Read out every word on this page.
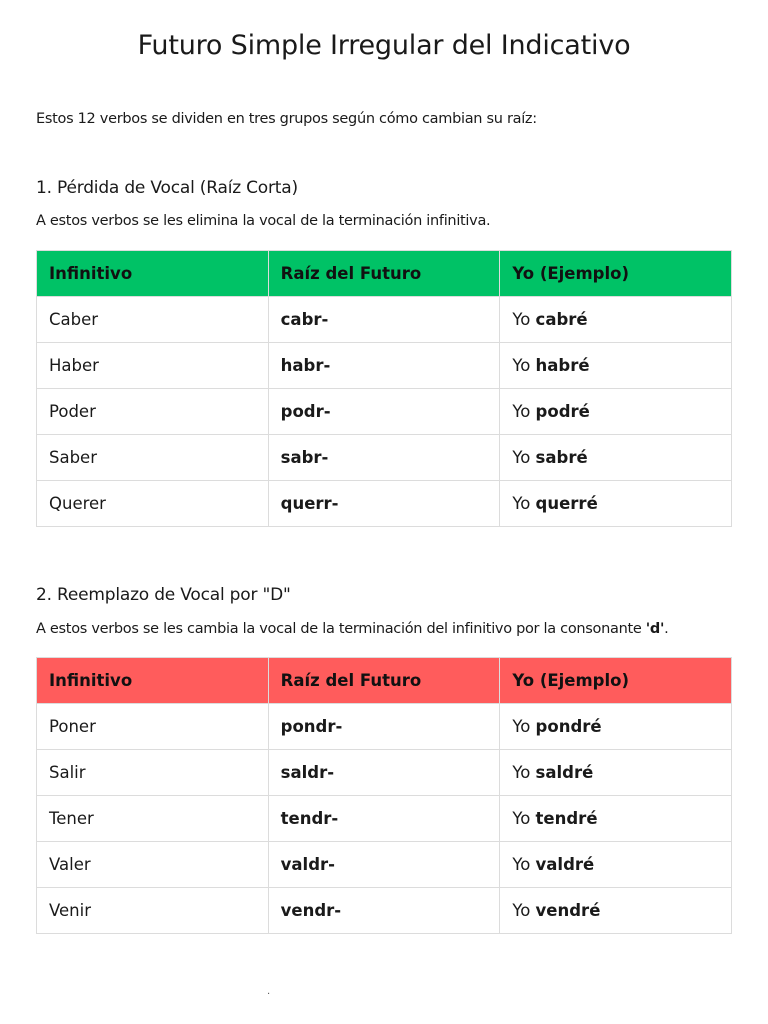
Futuro Simple Irregular del Indicativo

Estos 12 verbos se dividen en tres grupos según cómo cambian su raíz:

1. Pérdida de Vocal (Raíz Corta)

A estos verbos se les elimina la vocal de la terminación infinitiva.

Infinitivo	Raíz del Futuro	Yo (Ejemplo)
Caber	cabr-	Yo cabré
Haber	habr-	Yo habré
Poder	podr-	Yo podré
Saber	sabr-	Yo sabré
Querer	querr-	Yo querré
2. Reemplazo de Vocal por "D"

A estos verbos se les cambia la vocal de la terminación del infinitivo por la consonante 'd'.

Infinitivo	Raíz del Futuro	Yo (Ejemplo)
Poner	pondr-	Yo pondré
Salir	saldr-	Yo saldré
Tener	tendr-	Yo tendré
Valer	valdr-	Yo valdré
Venir	vendr-	Yo vendré
.
